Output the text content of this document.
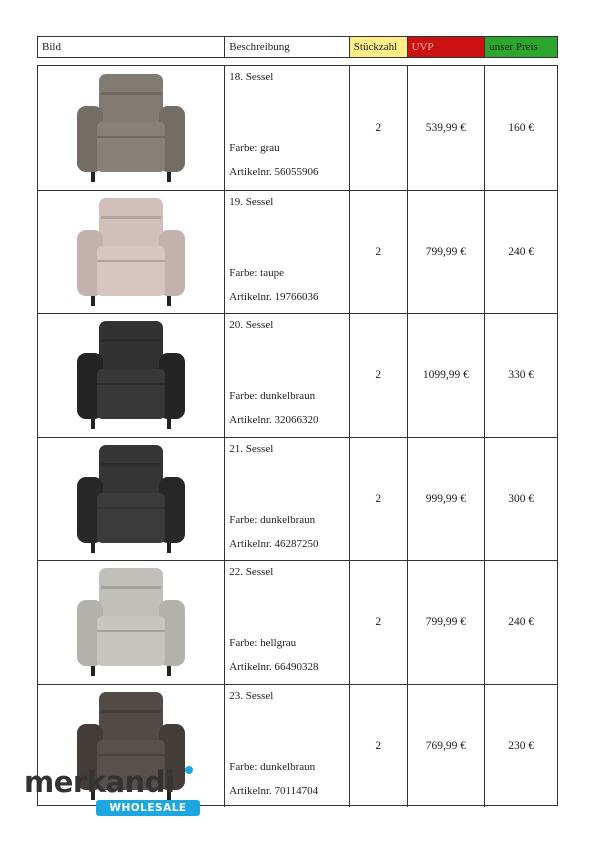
Bild	Beschreibung	Stückzahl	UVP	unser Preis
18. Sessel
Farbe: grau
Artikelnr. 56055906
2	539,99 €	160 €
19. Sessel
Farbe: taupe
Artikelnr. 19766036
2	799,99 €	240 €
20. Sessel
Farbe: dunkelbraun
Artikelnr. 32066320
2	1099,99 €	330 €
21. Sessel
Farbe: dunkelbraun
Artikelnr. 46287250
2	999,99 €	300 €
22. Sessel
Farbe: hellgrau
Artikelnr. 66490328
2	799,99 €	240 €
23. Sessel
Farbe: dunkelbraun
Artikelnr. 70114704
2	769,99 €	230 €
merkandi
WHOLESALE
